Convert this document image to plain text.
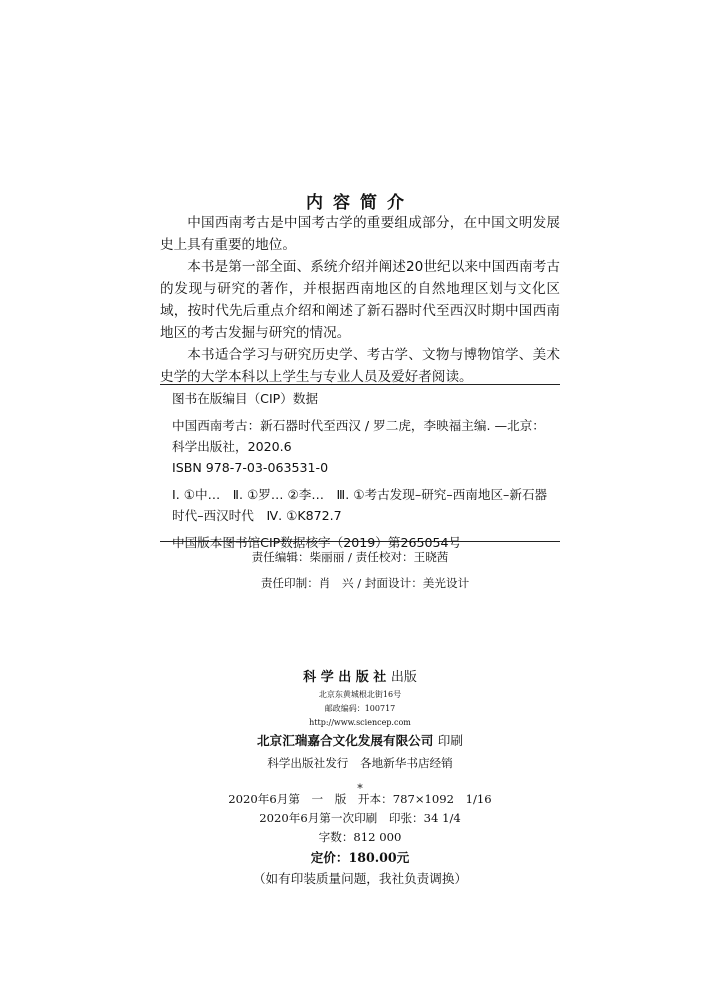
内容简介

中国西南考古是中国考古学的重要组成部分，在中国文明发展史上具有重要的地位。

本书是第一部全面、系统介绍并阐述20世纪以来中国西南考古的发现与研究的著作，并根据西南地区的自然地理区划与文化区域，按时代先后重点介绍和阐述了新石器时代至西汉时期中国西南地区的考古发掘与研究的情况。

本书适合学习与研究历史学、考古学、文物与博物馆学、美术史学的大学本科以上学生与专业人员及爱好者阅读。

图书在版编目（CIP）数据
中国西南考古：新石器时代至西汉 / 罗二虎，李映福主编. —北京：
科学出版社，2020.6
ISBN 978-7-03-063531-0
Ⅰ. ①中…　Ⅱ. ①罗… ②李…　Ⅲ. ①考古发现–研究–西南地区–新石器
时代–西汉时代　Ⅳ. ①K872.7
中国版本图书馆CIP数据核字（2019）第265054号
责任编辑：柴丽丽 / 责任校对：王晓茜
责任印制：肖　兴 / 封面设计：美光设计
科 学 出 版 社 出版
北京东黄城根北街16号
邮政编码：100717
http://www.sciencep.com
北京汇瑞嘉合文化发展有限公司 印刷
科学出版社发行　各地新华书店经销
*
2020年6月第　一　版　开本：787×1092　1/16
2020年6月第一次印刷　印张：34 1/4
字数：812 000
定价：180.00元
（如有印装质量问题，我社负责调换）
